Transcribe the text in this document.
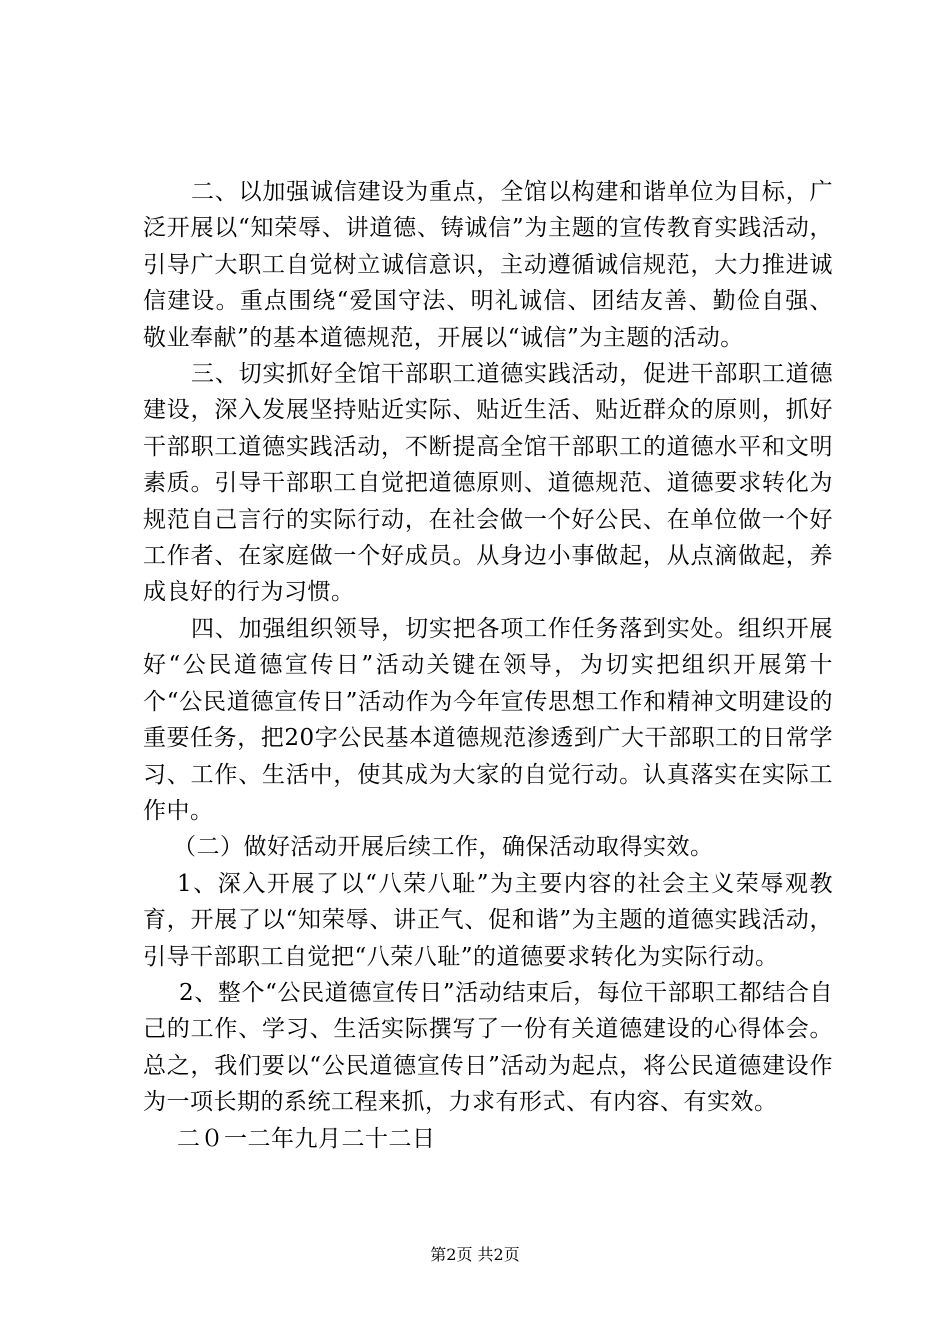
二、以加强诚信建设为重点，全馆以构建和谐单位为目标，广泛开展以“知荣辱、讲道德、铸诚信”为主题的宣传教育实践活动，引导广大职工自觉树立诚信意识，主动遵循诚信规范，大力推进诚信建设。重点围绕“爱国守法、明礼诚信、团结友善、勤俭自强、敬业奉献”的基本道德规范，开展以“诚信”为主题的活动。

三、切实抓好全馆干部职工道德实践活动，促进干部职工道德建设，深入发展坚持贴近实际、贴近生活、贴近群众的原则，抓好干部职工道德实践活动，不断提高全馆干部职工的道德水平和文明素质。引导干部职工自觉把道德原则、道德规范、道德要求转化为规范自己言行的实际行动，在社会做一个好公民、在单位做一个好工作者、在家庭做一个好成员。从身边小事做起，从点滴做起，养成良好的行为习惯。

四、加强组织领导，切实把各项工作任务落到实处。组织开展好“公民道德宣传日”活动关键在领导，为切实把组织开展第十个“公民道德宣传日”活动作为今年宣传思想工作和精神文明建设的重要任务，把20字公民基本道德规范渗透到广大干部职工的日常学习、工作、生活中，使其成为大家的自觉行动。认真落实在实际工作中。

（二）做好活动开展后续工作，确保活动取得实效。

1、深入开展了以“八荣八耻”为主要内容的社会主义荣辱观教育，开展了以“知荣辱、讲正气、促和谐”为主题的道德实践活动，引导干部职工自觉把“八荣八耻”的道德要求转化为实际行动。

2、整个“公民道德宣传日”活动结束后，每位干部职工都结合自己的工作、学习、生活实际撰写了一份有关道德建设的心得体会。总之，我们要以“公民道德宣传日”活动为起点，将公民道德建设作为一项长期的系统工程来抓，力求有形式、有内容、有实效。

二０一二年九月二十二日

第2页 共2页
